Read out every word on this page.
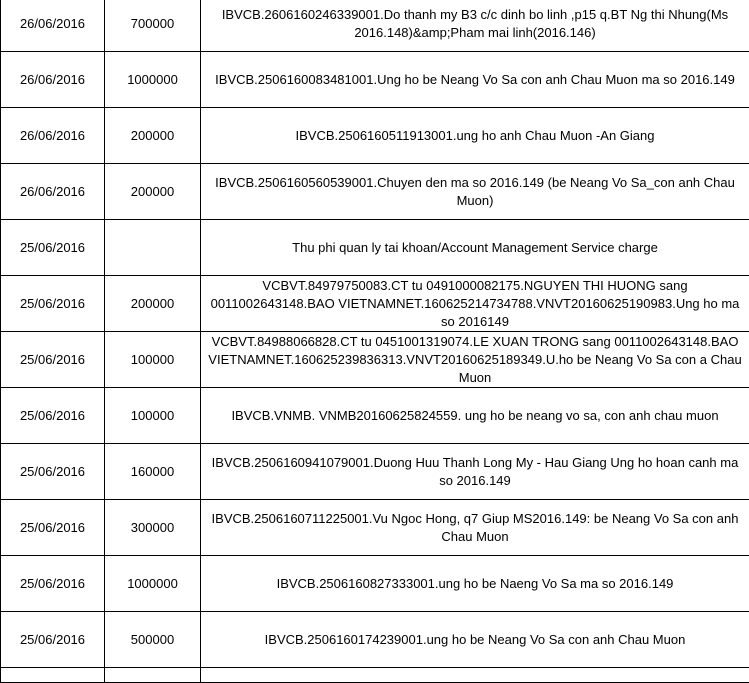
26/06/2016	700000	IBVCB.2606160246339001.Do thanh my B3 c/c dinh bo linh ,p15 q.BT Ng thi Nhung(Ms 2016.148)&amp;Pham mai linh(2016.146)
26/06/2016	1000000	IBVCB.2506160083481001.Ung ho be Neang Vo Sa con anh Chau Muon ma so 2016.149
26/06/2016	200000	IBVCB.2506160511913001.ung ho anh Chau Muon -An Giang
26/06/2016	200000	IBVCB.2506160560539001.Chuyen den ma so 2016.149 (be Neang Vo Sa_con anh Chau Muon)
25/06/2016		Thu phi quan ly tai khoan/Account Management Service charge
25/06/2016	200000	VCBVT.84979750083.CT tu 0491000082175.NGUYEN THI HUONG sang 0011002643148.BAO VIETNAMNET.160625214734788.VNVT20160625190983.Ung ho ma so 2016149
25/06/2016	100000	VCBVT.84988066828.CT tu 0451001319074.LE XUAN TRONG sang 0011002643148.BAO VIETNAMNET.160625239836313.VNVT20160625189349.U.ho be Neang Vo Sa con a Chau Muon
25/06/2016	100000	IBVCB.VNMB. VNMB20160625824559. ung ho be neang vo sa, con anh chau muon
25/06/2016	160000	IBVCB.2506160941079001.Duong Huu Thanh Long My - Hau Giang Ung ho hoan canh ma so 2016.149
25/06/2016	300000	IBVCB.2506160711225001.Vu Ngoc Hong, q7 Giup MS2016.149: be Neang Vo Sa con anh Chau Muon
25/06/2016	1000000	IBVCB.2506160827333001.ung ho be Naeng Vo Sa ma so 2016.149
25/06/2016	500000	IBVCB.2506160174239001.ung ho be Neang Vo Sa con anh Chau Muon
